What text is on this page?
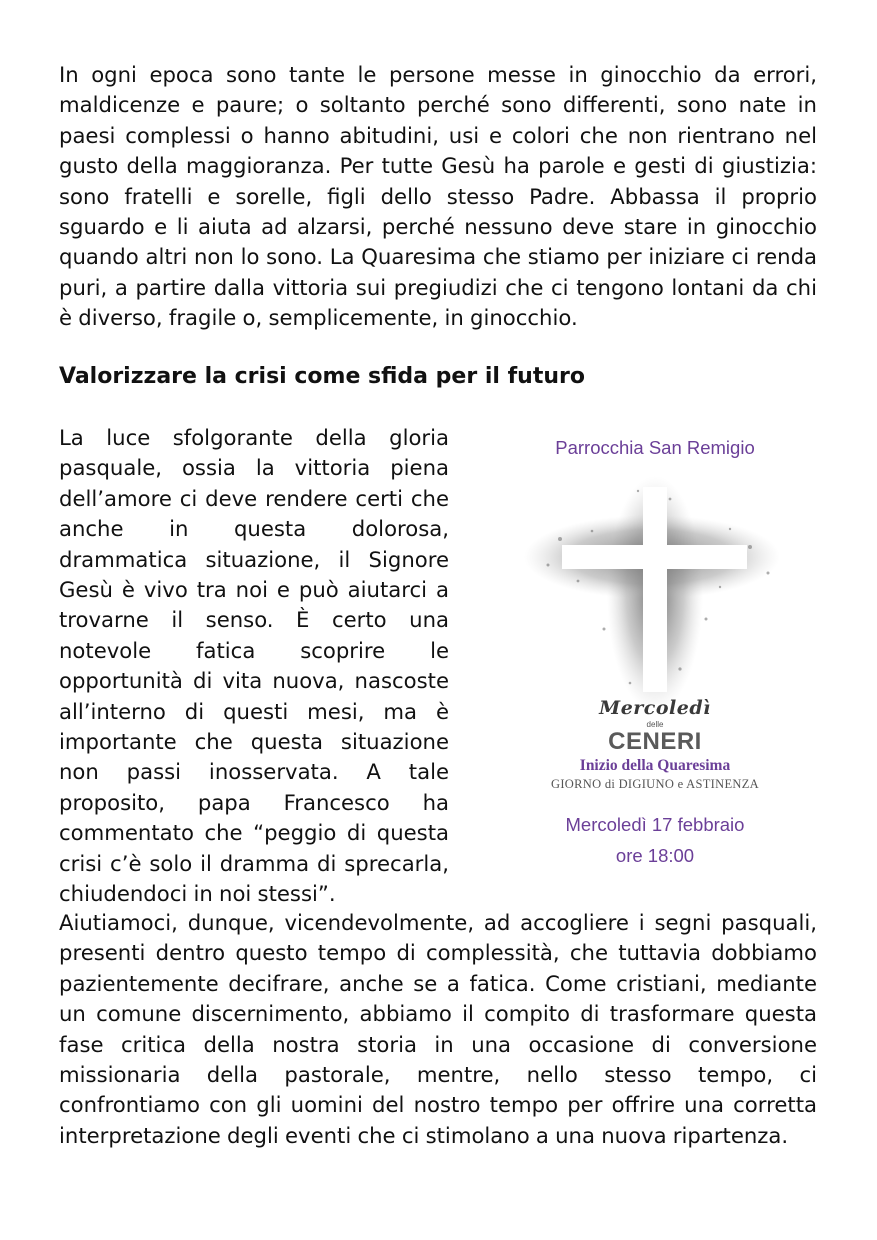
In ogni epoca sono tante le persone messe in ginocchio da errori, maldicenze e paure; o soltanto perché sono differenti, sono nate in paesi complessi o hanno abitudini, usi e colori che non rientrano nel gusto della maggioranza. Per tutte Gesù ha parole e gesti di giustizia: sono fratelli e sorelle, figli dello stesso Padre. Abbassa il proprio sguardo e li aiuta ad alzarsi, perché nessuno deve stare in ginocchio quando altri non lo sono. La Quaresima che stiamo per iniziare ci renda puri, a partire dalla vittoria sui pregiudizi che ci tengono lontani da chi è diverso, fragile o, semplicemente, in ginocchio.
Valorizzare la crisi come sfida per il futuro
La luce sfolgorante della gloria pasquale, ossia la vittoria piena dell’amore ci deve rendere certi che anche in questa dolorosa, drammatica situazione, il Signore Gesù è vivo tra noi e può aiutarci a trovarne il senso. È certo una notevole fatica scoprire le opportunità di vita nuova, nascoste all’interno di questi mesi, ma è importante che questa situazione non passi inosservata. A tale proposito, papa Francesco ha commentato che “peggio di questa crisi c’è solo il dramma di sprecarla, chiudendoci in noi stessi”.
Parrocchia San Remigio
Mercoledì
delle
CENERI
Inizio della Quaresima
GIORNO di DIGIUNO e ASTINENZA
Mercoledì 17 febbraio
ore 18:00
Aiutiamoci, dunque, vicendevolmente, ad accogliere i segni pasquali, presenti dentro questo tempo di complessità, che tuttavia dobbiamo pazientemente decifrare, anche se a fatica. Come cristiani, mediante un comune discernimento, abbiamo il compito di trasformare questa fase critica della nostra storia in una occasione di conversione missionaria della pastorale, mentre, nello stesso tempo, ci confrontiamo con gli uomini del nostro tempo per offrire una corretta interpretazione degli eventi che ci stimolano a una nuova ripartenza.
